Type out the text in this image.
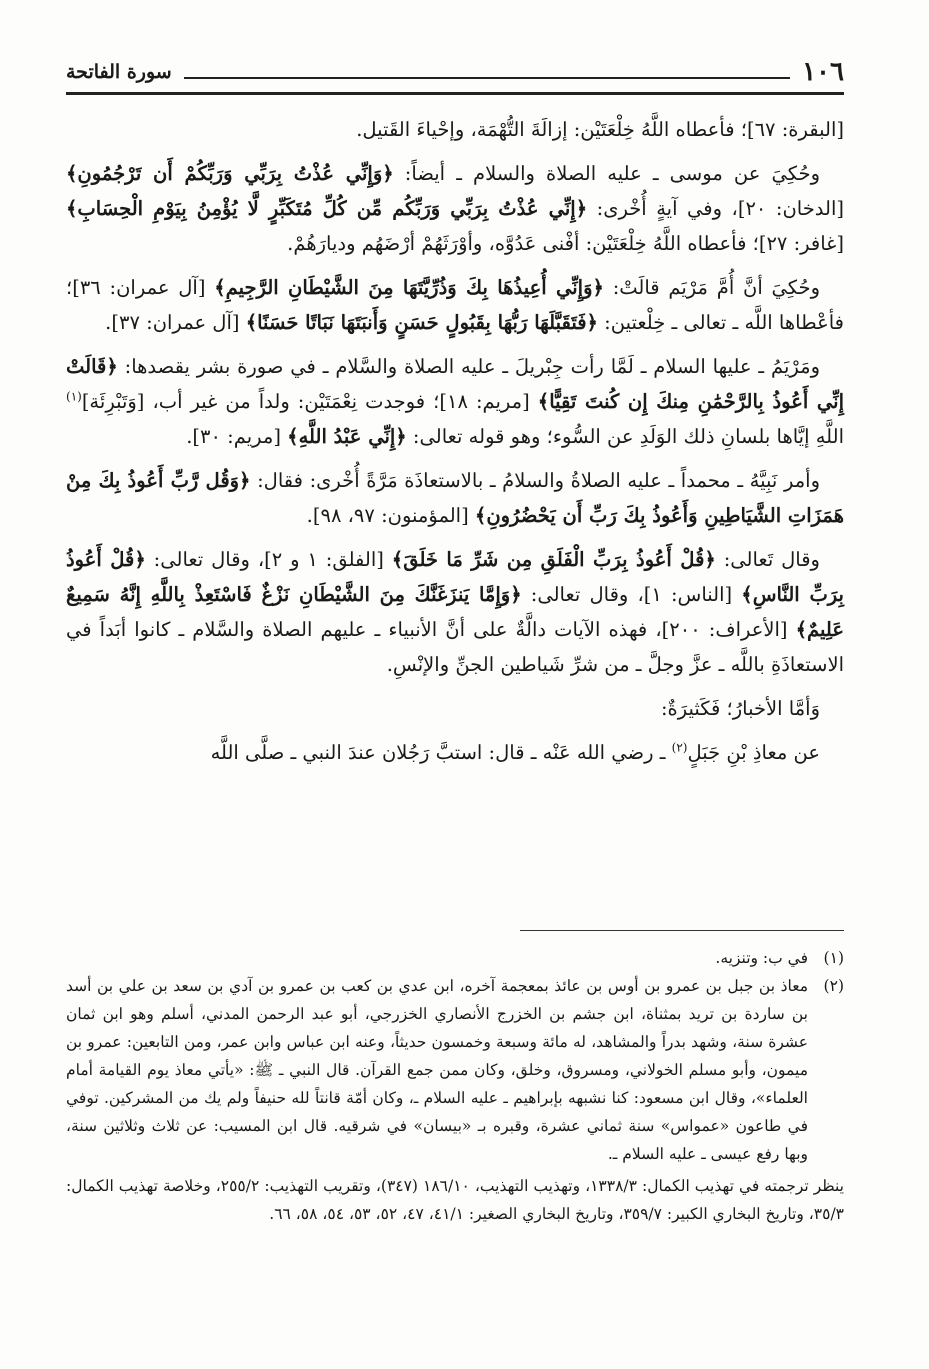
١٠٦
سورة الفاتحة

[البقرة: ٦٧]؛ فأعطاه اللَّهُ خِلْعَتَيْن: إزالَةَ التُّهْمَة، وإحْياءَ القَتيل.

وحُكِيَ عن موسى ـ عليه الصلاة والسلام ـ أيضاً: ﴿وَإِنِّي عُذْتُ بِرَبِّي وَرَبِّكُمْ أَن تَرْجُمُونِ﴾ [الدخان: ٢٠]، وفي آيةٍ أُخْرى: ﴿إِنِّي عُذْتُ بِرَبِّي وَرَبِّكُم مِّن كُلِّ مُتَكَبِّرٍ لَّا يُؤْمِنُ بِيَوْمِ الْحِسَابِ﴾ [غافر: ٢٧]؛ فأعطاه اللَّهُ خِلْعَتَيْن: أفْنى عَدُوَّه، وأوْرَثَهُمْ أرْضَهُم وديارَهُمْ.

وحُكِيَ أنَّ أُمَّ مَرْيَم قالَتْ: ﴿وَإِنِّي أُعِيذُهَا بِكَ وَذُرِّيَّتَهَا مِنَ الشَّيْطَانِ الرَّجِيمِ﴾ [آل عمران: ٣٦]؛ فأعْطاها اللَّه ـ تعالى ـ خِلْعتين: ﴿فَتَقَبَّلَهَا رَبُّهَا بِقَبُولٍ حَسَنٍ وَأَنبَتَهَا نَبَاتًا حَسَنًا﴾ [آل عمران: ٣٧].

ومَرْيَمُ ـ عليها السلام ـ لَمَّا رأت جِبْريلَ ـ عليه الصلاة والسَّلام ـ في صورة بشر يقصدها: ﴿قَالَتْ إِنِّي أَعُوذُ بِالرَّحْمَٰنِ مِنكَ إِن كُنتَ تَقِيًّا﴾ [مريم: ١٨]؛ فوجدت نِعْمَتَيْن: ولداً من غير أب، [وَتَبْرِئَة]$^{(١)}$ اللَّهِ إيَّاها بلسانِ ذلك الوَلَدِ عن السُّوء؛ وهو قوله تعالى: ﴿إِنِّي عَبْدُ اللَّهِ﴾ [مريم: ٣٠].

وأمر نَبِيَّهُ ـ محمداً ـ عليه الصلاةُ والسلامُ ـ بالاستعاذَة مَرَّةً أُخْرى: فقال: ﴿وَقُل رَّبِّ أَعُوذُ بِكَ مِنْ هَمَزَاتِ الشَّيَاطِينِ وَأَعُوذُ بِكَ رَبِّ أَن يَحْضُرُونِ﴾ [المؤمنون: ٩٧، ٩٨].

وقال تَعالى: ﴿قُلْ أَعُوذُ بِرَبِّ الْفَلَقِ مِن شَرِّ مَا خَلَقَ﴾ [الفلق: ١ و ٢]، وقال تعالى: ﴿قُلْ أَعُوذُ بِرَبِّ النَّاسِ﴾ [الناس: ١]، وقال تعالى: ﴿وَإِمَّا يَنزَغَنَّكَ مِنَ الشَّيْطَانِ نَزْغٌ فَاسْتَعِذْ بِاللَّهِ إِنَّهُ سَمِيعٌ عَلِيمٌ﴾ [الأعراف: ٢٠٠]، فهذه الآيات دالَّةٌ على أنَّ الأنبياء ـ عليهم الصلاة والسَّلام ـ كانوا أبَداً في الاستعاذَةِ باللَّه ـ عزَّ وجلَّ ـ من شرِّ شَياطين الجنِّ والإنْسِ.

وَأمَّا الأخبارُ؛ فَكَثيرَةٌ:

عن معاذِ بْنِ جَبَلٍ$^{(٢)}$ ـ رضي الله عَنْه ـ قال: استبَّ رَجُلان عندَ النبي ـ صلَّى اللَّه

(١)
في ب: وتنزيه.
(٢)
معاذ بن جبل بن عمرو بن أوس بن عائذ بمعجمة آخره، ابن عدي بن كعب بن عمرو بن آدي بن سعد بن علي بن أسد بن ساردة بن تريد بمثناة، ابن جشم بن الخزرج الأنصاري الخزرجي، أبو عبد الرحمن المدني، أسلم وهو ابن ثمان عشرة سنة، وشهد بدراً والمشاهد، له مائة وسبعة وخمسون حديثاً، وعنه ابن عباس وابن عمر، ومن التابعين: عمرو بن ميمون، وأبو مسلم الخولاني، ومسروق، وخلق، وكان ممن جمع القرآن. قال النبي ـ ﷺ: «يأتي معاذ يوم القيامة أمام العلماء»، وقال ابن مسعود: كنا نشبهه بإبراهيم ـ عليه السلام ـ، وكان أمّة قانتاً لله حنيفاً ولم يك من المشركين. توفي في طاعون «عمواس» سنة ثماني عشرة، وقبره بـ «بيسان» في شرقيه. قال ابن المسيب: عن ثلاث وثلاثين سنة، وبها رفع عيسى ـ عليه السلام ـ.
ينظر ترجمته في تهذيب الكمال: ١٣٣٨/٣، وتهذيب التهذيب، ١٨٦/١٠ (٣٤٧)، وتقريب التهذيب: ٢٥٥/٢، وخلاصة تهذيب الكمال: ٣٥/٣، وتاريخ البخاري الكبير: ٣٥٩/٧، وتاريخ البخاري الصغير: ٤١/١، ٤٧، ٥٢، ٥٣، ٥٤، ٥٨، ٦٦.
